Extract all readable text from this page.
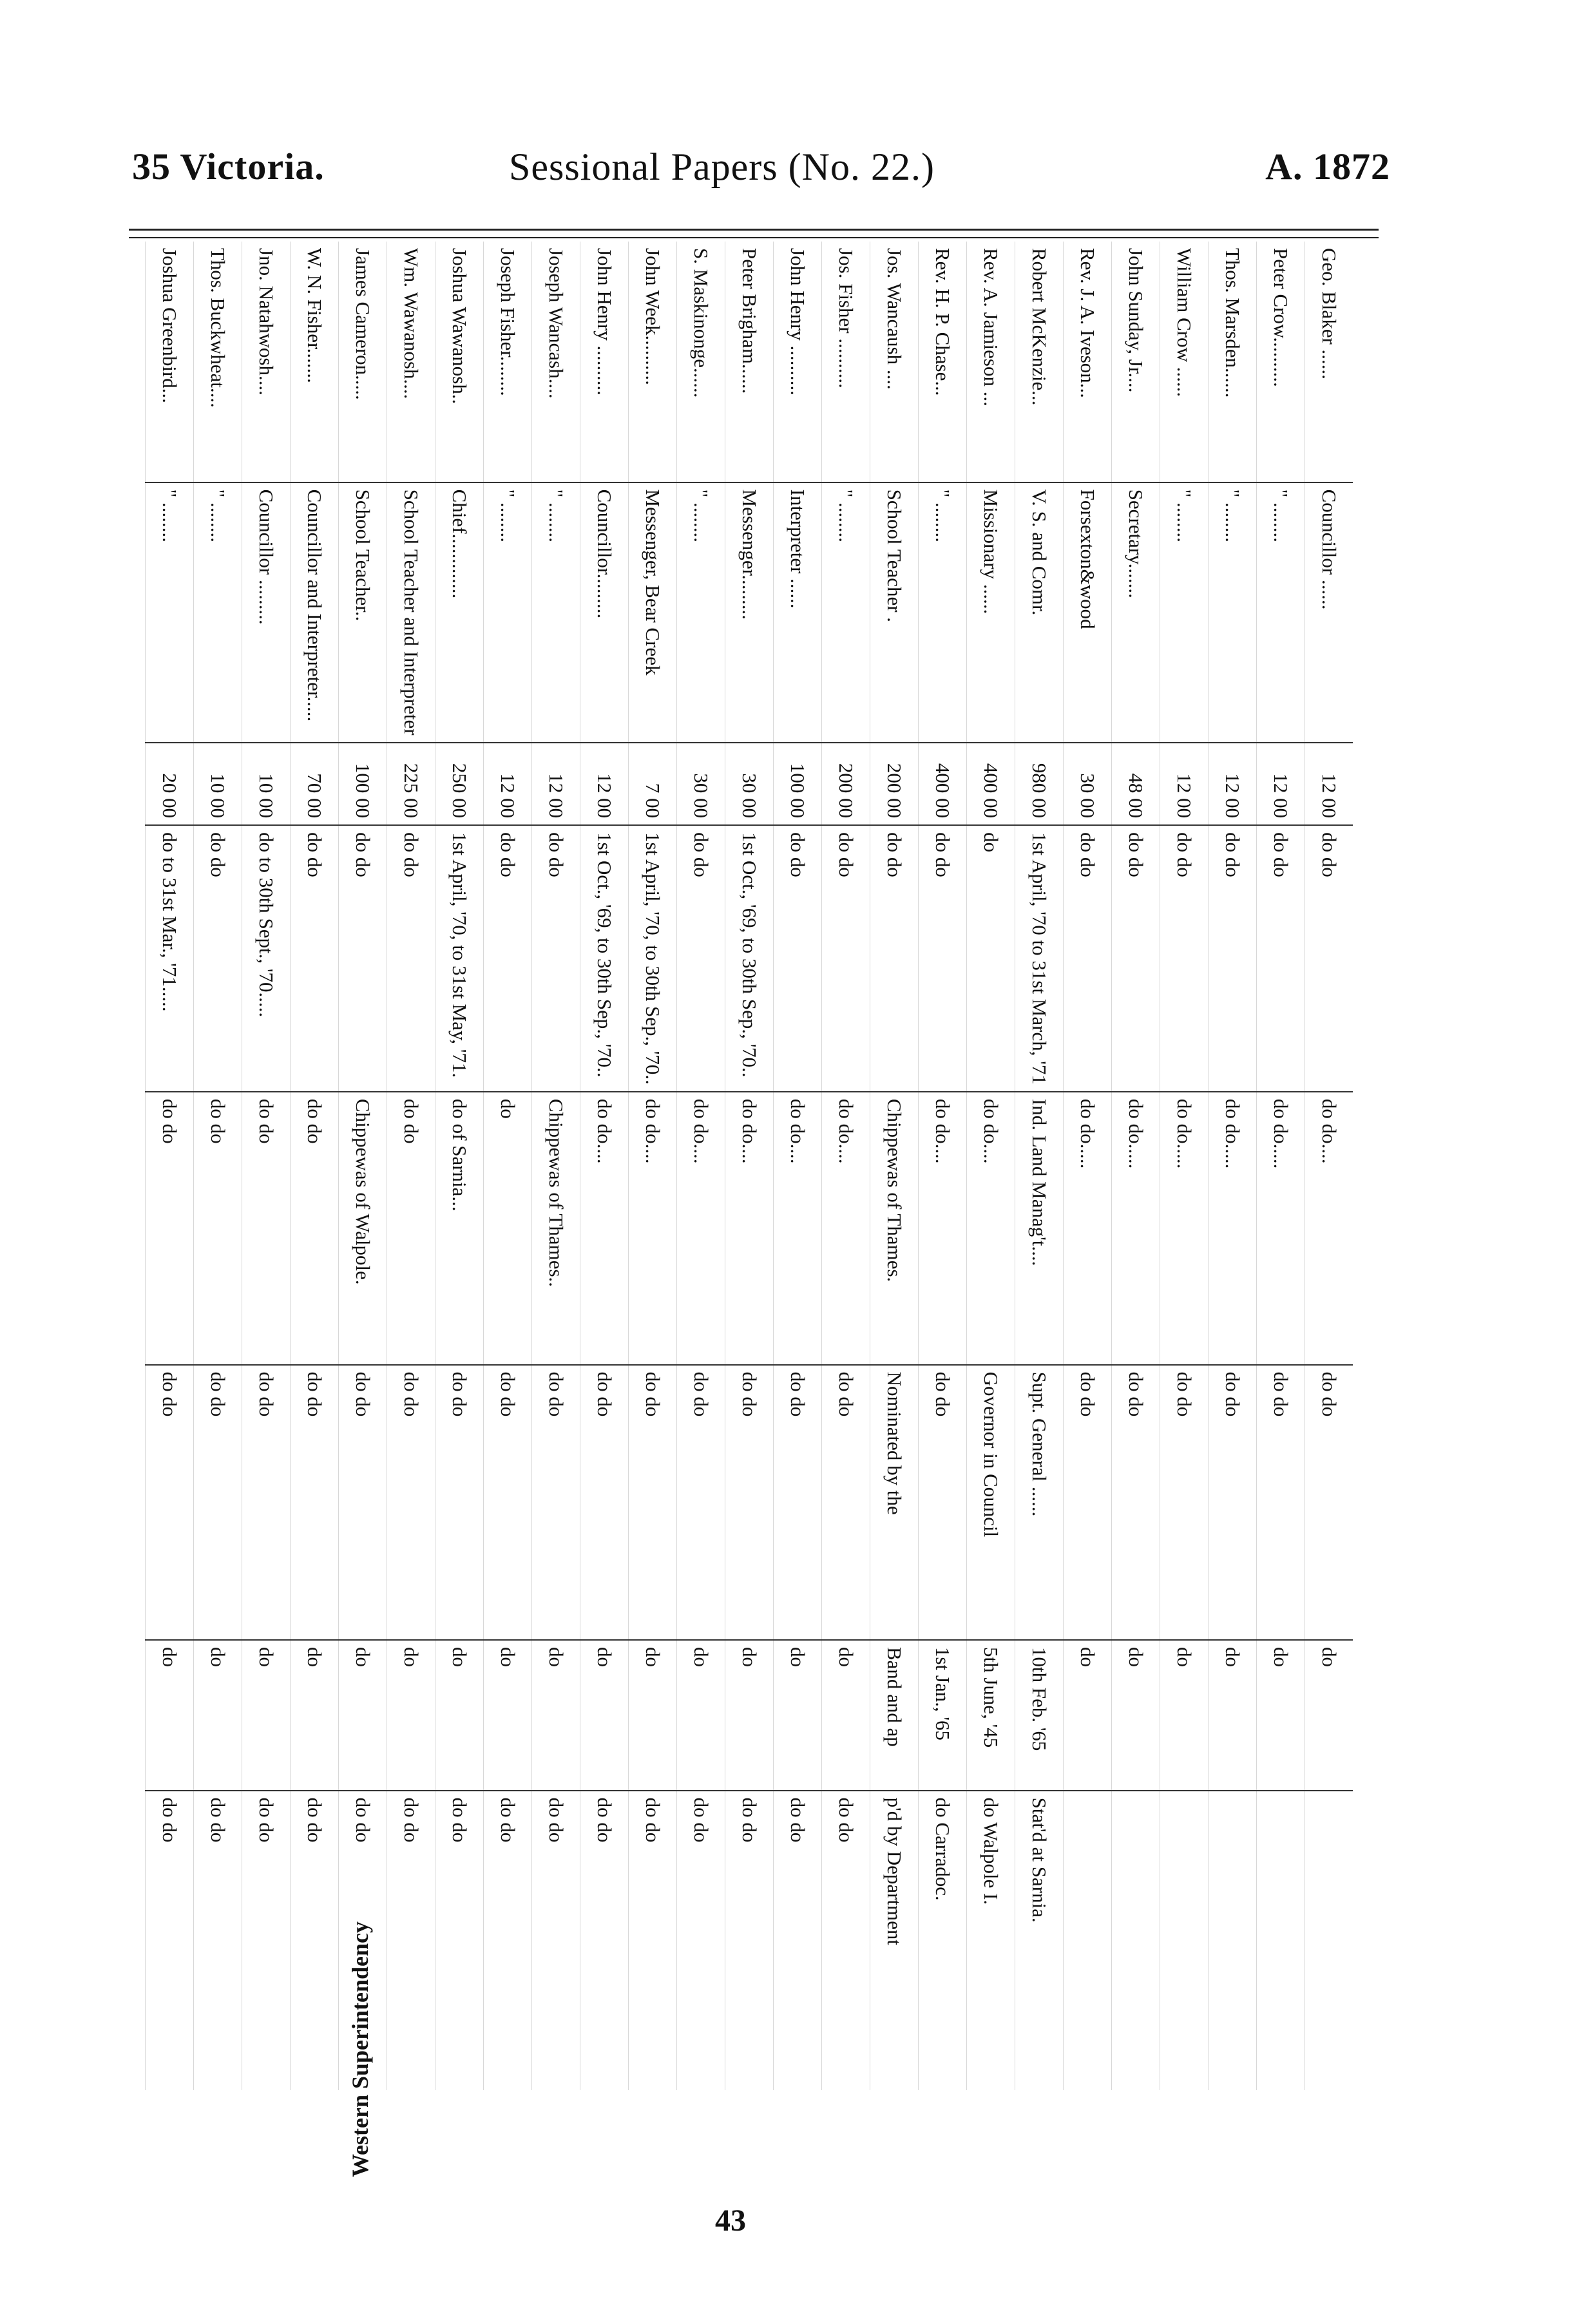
35 Victoria.	Sessional Papers (No. 22.)	A. 1872
Geo. Blaker ......	Councillor ......	12 00	do do	do do....	do do	do	
Peter Crow..........	" ........	12 00	do do	do do.....	do do	do	
Thos. Marsden......	" ........	12 00	do do	do do.....	do do	do	
William Crow ......	" ........	12 00	do do	do do.....	do do	do	
John Sunday, Jr....	Secretary.......	48 00	do do	do do.....	do do	do	
Rev. J. A. Iveson...	Forsexton&wood	30 00	do do	do do.....	do do	do	
Robert McKenzie...	V. S. and Comr.	980 00	1st April, '70 to 31st March, '71	Ind. Land Manag't....	Supt. General ......	10th Feb. '65	Stat'd at Sarnia.
Rev. A. Jamieson ...	Missionary ......	400 00	do	do do....	Governor in Council	5th June, '45	do Walpole I.
Rev. H. P. Chase...	" ........	400 00	do do	do do....	do do	1st Jan., '65	do Carradoc.
Jos. Wancaush ....	School Teacher .	200 00	do do	Chippewas of Thames.	Nominated by the	Band and ap	p'd by Department
Jos. Fisher ..........	" ........	200 00	do do	do do....	do do	do	do do
John Henry ..........	Interpreter ......	100 00	do do	do do....	do do	do	do do
Peter Brigham......	Messenger.........	30 00	1st Oct., '69, to 30th Sep., '70..	do do....	do do	do	do do
S. Maskinonge......	" ........	30 00	do do	do do....	do do	do	do do
John Week..........	Messenger, Bear Creek	7 00	1st April, '70, to 30th Sep., '70..	do do....	do do	do	do do
John Henry ..........	Councillor.........	12 00	1st Oct., '69, to 30th Sep., '70..	do do....	do do	do	do do
Joseph Wancash....	" ........	12 00	do do	Chippewas of Thames..	do do	do	do do
Joseph Fisher........	" ........	12 00	do do	do	do do	do	do do
Joshua Wawanosh..	Chief.............	250 00	1st April, '70, to 31st May, '71.	do of Sarnia...	do do	do	do do
Wm. Wawanosh....	School Teacher and Interpreter	225 00	do do	do do	do do	do	do do
James Cameron.....	School Teacher..	100 00	do do	Chippewas of Walpole.	do do	do	do do
W. N. Fisher.......	Councillor and Interpreter.....	70 00	do do	do do	do do	do	do do
Jno. Natahwosh....	Councillor .........	10 00	do to 30th Sept., '70.....	do do	do do	do	do do
Thos. Buckwheat....	" ........	10 00	do do	do do	do do	do	do do
Joshua Greenbird...	" ........	20 00	do to 31st Mar., '71.....	do do	do do	do	do do
Western Superintendency
43
